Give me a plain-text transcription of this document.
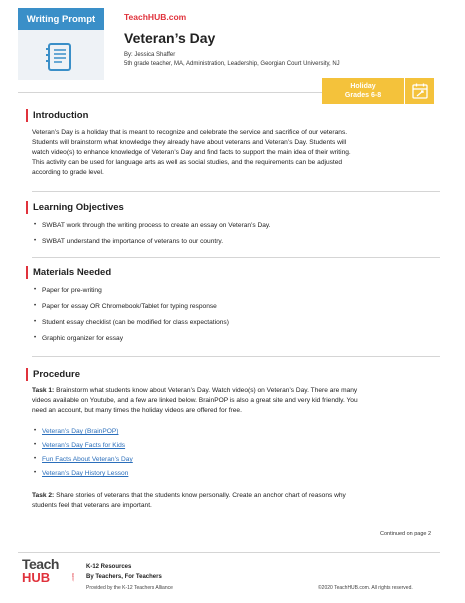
Writing Prompt	TeachHUB.com
Veteran’s Day
By: Jessica Shaffer
5th grade teacher, MA, Administration, Leadership, Georgian Court University, NJ
Holiday
Grades 6-8
Introduction
Veteran’s Day is a holiday that is meant to recognize and celebrate the service and sacrifice of our veterans.
Students will brainstorm what knowledge they already have about veterans and Veteran’s Day. Students will
watch video(s) to enhance knowledge of Veteran’s Day and find facts to support the main idea of their writing.
This activity can be used for language arts as well as social studies, and the requirements can be adjusted
according to grade level.
Learning Objectives
• SWBAT work through the writing process to create an essay on Veteran’s Day.
• SWBAT understand the importance of veterans to our country.
Materials Needed
• Paper for pre-writing
• Paper for essay OR Chromebook/Tablet for typing response
• Student essay checklist (can be modified for class expectations)
• Graphic organizer for essay
Procedure
Task 1: Brainstorm what students know about Veteran’s Day. Watch video(s) on Veteran’s Day. There are many
videos available on Youtube, and a few are linked below. BrainPOP is also a great site and very kid friendly. You
need an account, but many times the holiday videos are offered for free.
• Veteran’s Day (BrainPOP)
• Veteran’s Day Facts for Kids
• Fun Facts About Veteran’s Day
• Veteran’s Day History Lesson
Task 2: Share stories of veterans that the students know personally. Create an anchor chart of reasons why
students feel that veterans are important.
Continued on page 2
Teach
HUB	.com
K-12 Resources
By Teachers, For Teachers
Provided by the K-12 Teachers Alliance	©2020 TeachHUB.com. All rights reserved.
